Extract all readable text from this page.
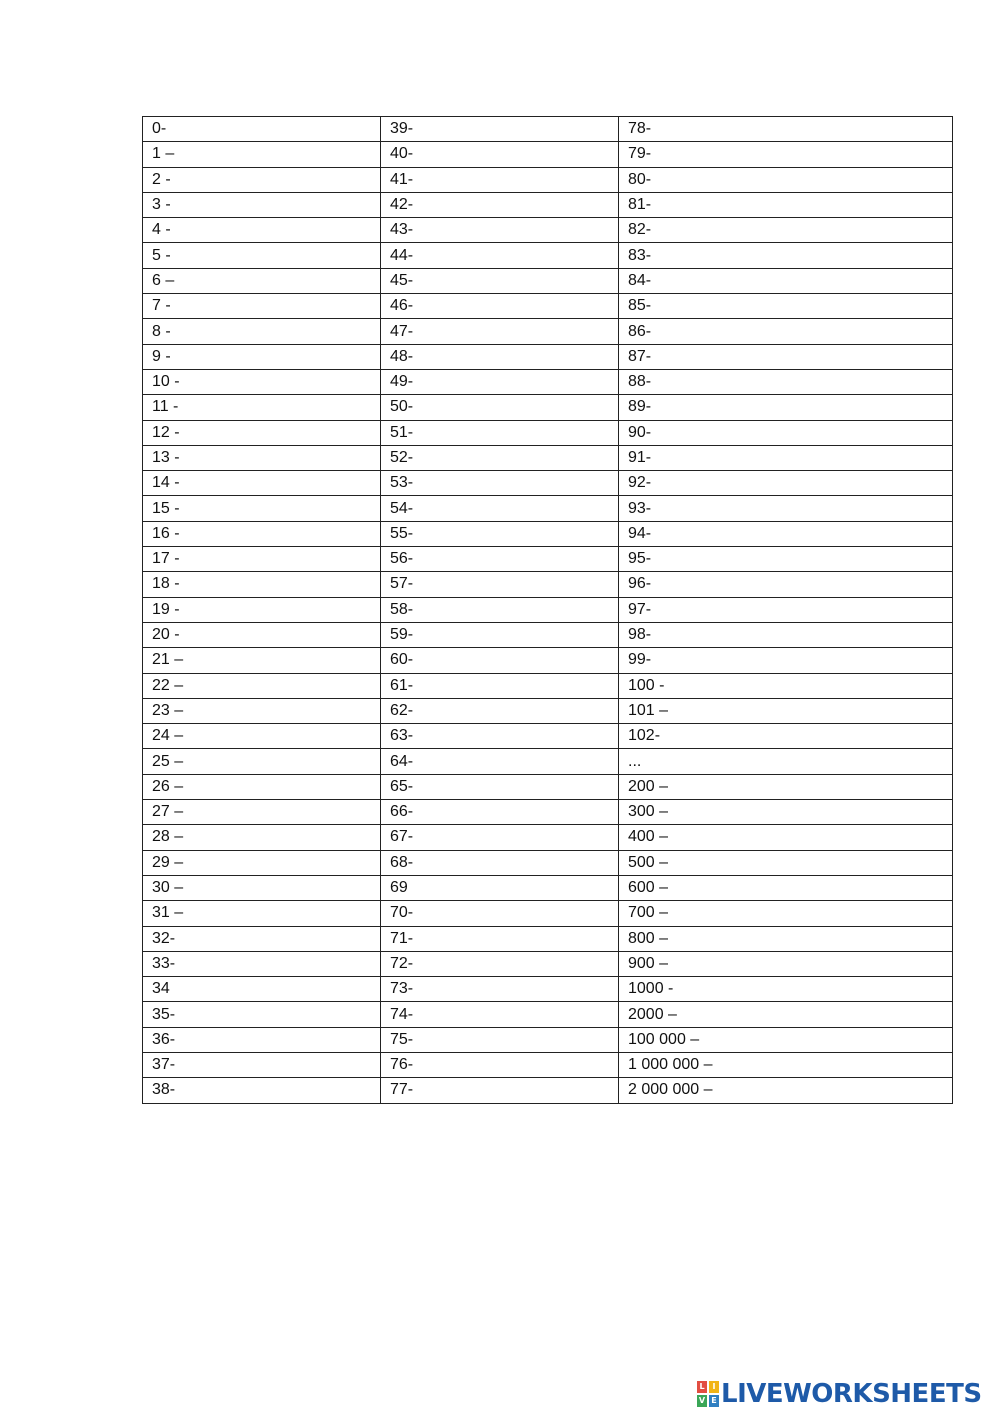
0-	39-	78-
1 –	40-	79-
2 -	41-	80-
3 -	42-	81-
4 -	43-	82-
5 -	44-	83-
6 –	45-	84-
7 -	46-	85-
8 -	47-	86-
9 -	48-	87-
10 -	49-	88-
11 -	50-	89-
12 -	51-	90-
13 -	52-	91-
14 -	53-	92-
15 -	54-	93-
16 -	55-	94-
17 -	56-	95-
18 -	57-	96-
19 -	58-	97-
20 -	59-	98-
21 –	60-	99-
22 –	61-	100 -
23 –	62-	101 –
24 –	63-	102-
25 –	64-	...
26 –	65-	200 –
27 –	66-	300 –
28 –	67-	400 –
29 –	68-	500 –
30 –	69	600 –
31 –	70-	700 –
32-	71-	800 –
33-	72-	900 –
34	73-	1000 -
35-	74-	2000 –
36-	75-	100 000 –
37-	76-	1 000 000 –
38-	77-	2 000 000 –
L I
V E LIVEWORKSHEETS
